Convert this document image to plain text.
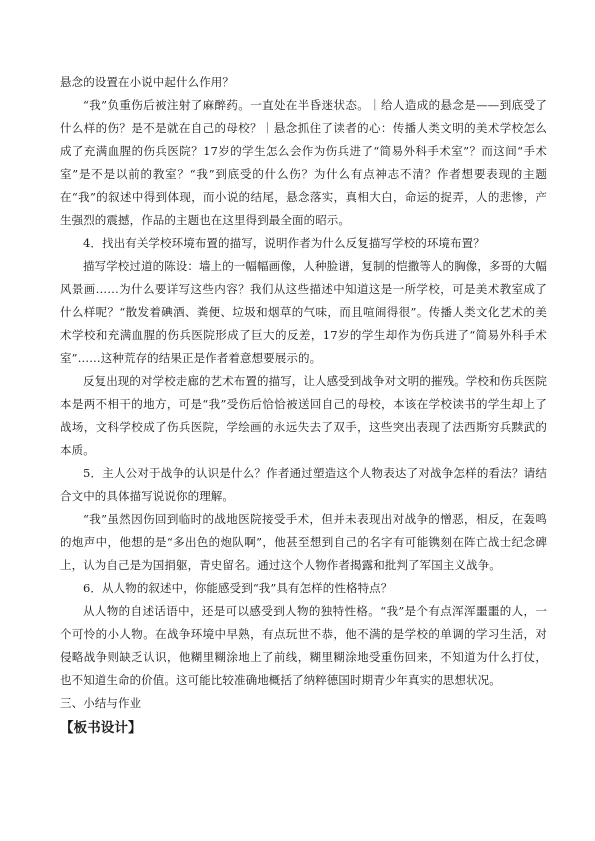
悬念的设置在小说中起什么作用？

“我”负重伤后被注射了麻醉药。一直处在半昏迷状态。｜给人造成的悬念是——到底受了什么样的伤？是不是就在自己的母校？｜悬念抓住了读者的心：传播人类文明的美术学校怎么成了充满血腥的伤兵医院？17岁的学生怎么会作为伤兵进了“简易外科手术室”？而这间“手术室”是不是以前的教室？“我”到底受的什么伤？为什么有点神志不清？作者想要表现的主题在“我”的叙述中得到体现，而小说的结尾，悬念落实，真相大白，命运的捉弄，人的悲惨，产生强烈的震撼，作品的主题也在这里得到最全面的昭示。

4．找出有关学校环境布置的描写，说明作者为什么反复描写学校的环境布置？

描写学校过道的陈设：墙上的一幅幅画像，人种脸谱，复制的恺撒等人的胸像，多哥的大幅风景画……为什么要详写这些内容？我们从这些描述中知道这是一所学校，可是美术教室成了什么样呢？“散发着碘酒、粪便、垃圾和烟草的气味，而且喧闹得很”。传播人类文化艺术的美术学校和充满血腥的伤兵医院形成了巨大的反差，17岁的学生却作为伤兵进了“简易外科手术室”……这种荒存的结果正是作者着意想要展示的。

反复出现的对学校走廊的艺术布置的描写，让人感受到战争对文明的摧残。学校和伤兵医院本是两不相干的地方，可是“我”受伤后恰恰被送回自己的母校，本该在学校读书的学生却上了战场，文科学校成了伤兵医院，学绘画的永远失去了双手，这些突出表现了法西斯穷兵黩武的本质。

5．主人公对于战争的认识是什么？作者通过塑造这个人物表达了对战争怎样的看法？请结合文中的具体描写说说你的理解。

“我”虽然因伤回到临时的战地医院接受手术，但并未表现出对战争的憎恶，相反，在轰鸣的炮声中，他想的是“多出色的炮队啊”，他甚至想到自己的名字有可能镌刻在阵亡战士纪念碑上，认为自己是为国捐躯，青史留名。通过这个人物作者揭露和批判了军国主义战争。

6．从人物的叙述中，你能感受到“我”具有怎样的性格特点？

从人物的自述话语中，还是可以感受到人物的独特性格。“我”是个有点浑浑噩噩的人，一个可怜的小人物。在战争环境中早熟，有点玩世不恭，他不满的是学校的单调的学习生活，对侵略战争则缺乏认识，他糊里糊涂地上了前线，糊里糊涂地受重伤回来，不知道为什么打仗，也不知道生命的价值。这可能比较准确地概括了纳粹德国时期青少年真实的思想状况。

三、小结与作业

【板书设计】
